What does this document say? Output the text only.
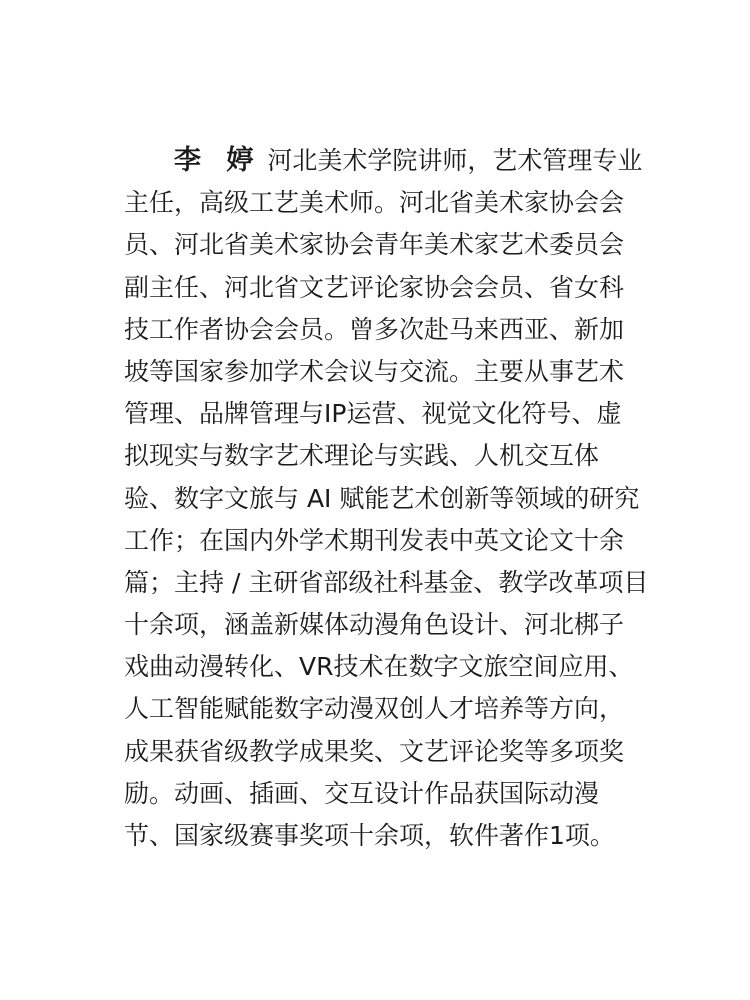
李 婷 河北美术学院讲师，艺术管理专业
主任，高级工艺美术师。河北省美术家协会会
员、河北省美术家协会青年美术家艺术委员会
副主任、河北省文艺评论家协会会员、省女科
技工作者协会会员。曾多次赴马来西亚、新加
坡等国家参加学术会议与交流。主要从事艺术
管理、品牌管理与IP运营、视觉文化符号、虚
拟现实与数字艺术理论与实践、人机交互体
验、数字文旅与 AI 赋能艺术创新等领域的研究
工作；在国内外学术期刊发表中英文论文十余
篇；主持 / 主研省部级社科基金、教学改革项目
十余项，涵盖新媒体动漫角色设计、河北梆子
戏曲动漫转化、VR技术在数字文旅空间应用、
人工智能赋能数字动漫双创人才培养等方向，
成果获省级教学成果奖、文艺评论奖等多项奖
励。动画、插画、交互设计作品获国际动漫
节、国家级赛事奖项十余项，软件著作1项。
